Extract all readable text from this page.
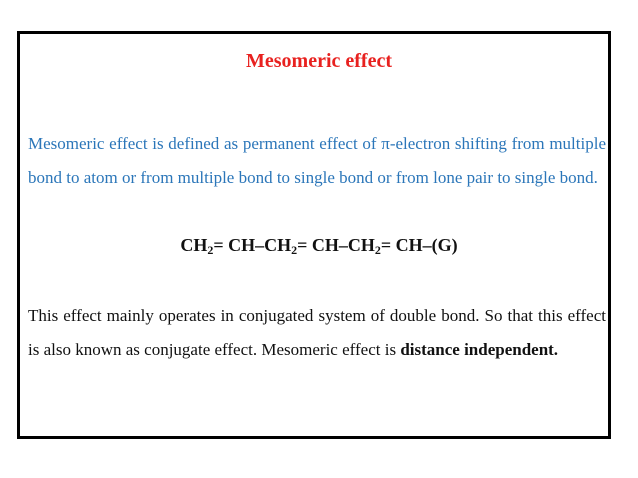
Mesomeric effect

Mesomeric effect is defined as permanent effect of π-electron shifting from multiple bond to atom or from multiple bond to single bond or from lone pair to single bond.

$CH_2= CH-CH_2= CH-CH_2= CH-(G)$

This effect mainly operates in conjugated system of double bond. So that this effect is also known as conjugate effect. Mesomeric effect is distance independent.
